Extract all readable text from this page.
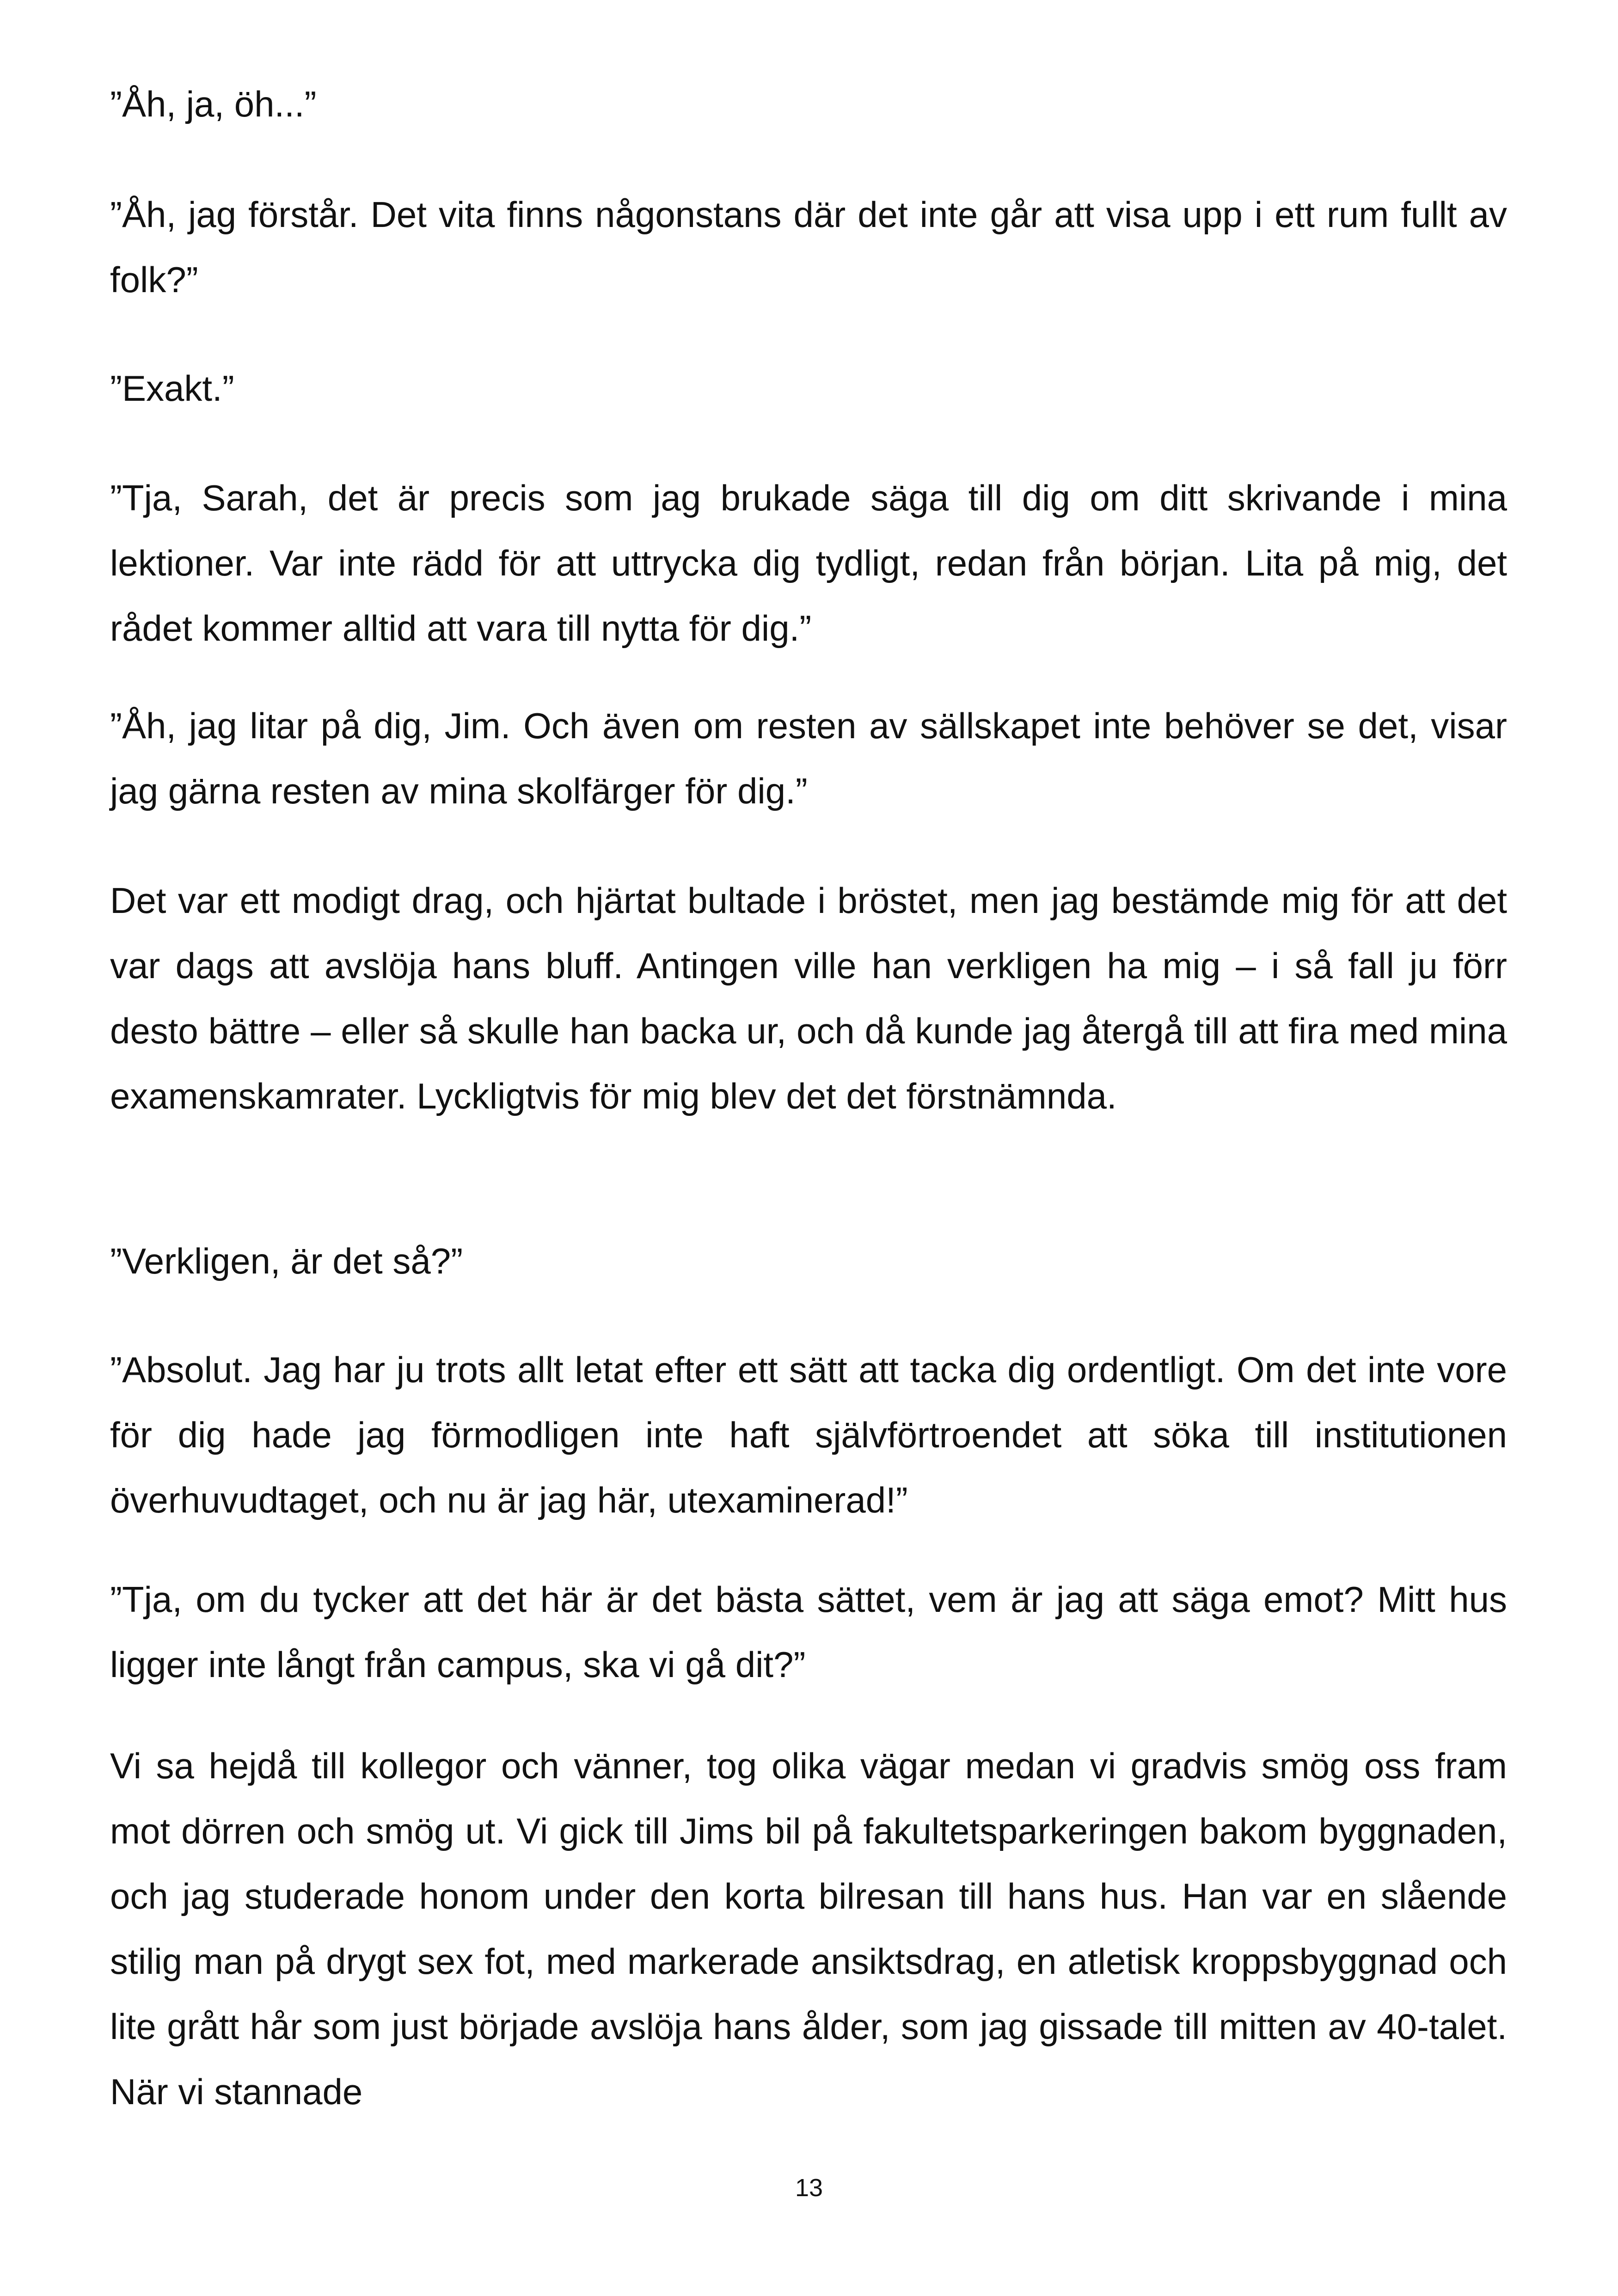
”Åh, ja, öh...”

”Åh, jag förstår. Det vita finns någonstans där det inte går att visa upp i ett rum fullt av folk?”

”Exakt.”

”Tja, Sarah, det är precis som jag brukade säga till dig om ditt skrivande i mina lektioner. Var inte rädd för att uttrycka dig tydligt, redan från början. Lita på mig, det rådet kommer alltid att vara till nytta för dig.”

”Åh, jag litar på dig, Jim. Och även om resten av sällskapet inte behöver se det, visar jag gärna resten av mina skolfärger för dig.”

Det var ett modigt drag, och hjärtat bultade i bröstet, men jag bestämde mig för att det var dags att avslöja hans bluff. Antingen ville han verkligen ha mig – i så fall ju förr desto bättre – eller så skulle han backa ur, och då kunde jag återgå till att fira med mina examenskamrater. Lyckligtvis för mig blev det det förstnämnda.

”Verkligen, är det så?”

”Absolut. Jag har ju trots allt letat efter ett sätt att tacka dig ordentligt. Om det inte vore för dig hade jag förmodligen inte haft självförtroendet att söka till institutionen överhuvudtaget, och nu är jag här, utexaminerad!”

”Tja, om du tycker att det här är det bästa sättet, vem är jag att säga emot? Mitt hus ligger inte långt från campus, ska vi gå dit?”

Vi sa hejdå till kollegor och vänner, tog olika vägar medan vi gradvis smög oss fram mot dörren och smög ut. Vi gick till Jims bil på fakultetsparkeringen bakom byggnaden, och jag studerade honom under den korta bilresan till hans hus. Han var en slående stilig man på drygt sex fot, med markerade ansiktsdrag, en atletisk kroppsbyggnad och lite grått hår som just började avslöja hans ålder, som jag gissade till mitten av 40-talet. När vi stannade

13
